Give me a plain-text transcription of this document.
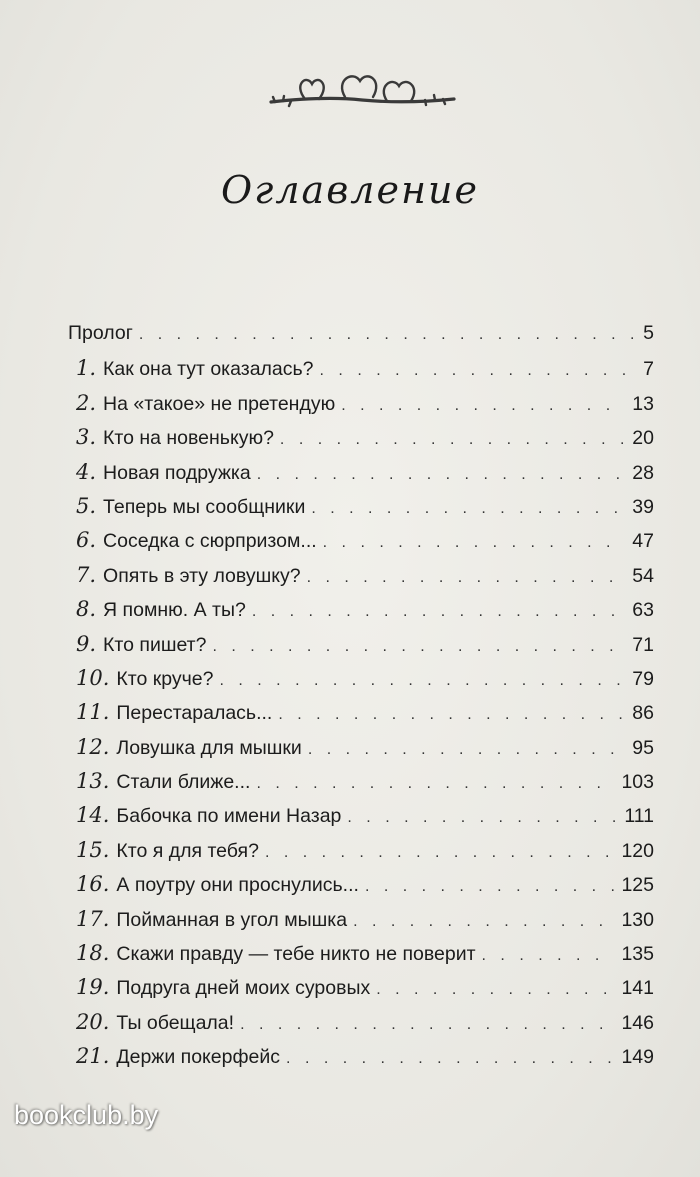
Оглавление
Пролог . . .	5
1. Как она тут оказалась? . . .	7
2. На «такое» не претендую . . .	13
3. Кто на новенькую? . . .	20
4. Новая подружка . . .	28
5. Теперь мы сообщники . . .	39
6. Соседка с сюрпризом... . . .	47
7. Опять в эту ловушку? . . .	54
8. Я помню. А ты? . . .	63
9. Кто пишет? . . .	71
10. Кто круче? . . .	79
11. Перестаралась... . . .	86
12. Ловушка для мышки . . .	95
13. Стали ближе... . . .	103
14. Бабочка по имени Назар . . .	111
15. Кто я для тебя? . . .	120
16. А поутру они проснулись... . . .	125
17. Пойманная в угол мышка . . .	130
18. Скажи правду — тебе никто не поверит . . .	135
19. Подруга дней моих суровых . . .	141
20. Ты обещала! . . .	146
21. Держи покерфейс . . .	149
bookclub.by
